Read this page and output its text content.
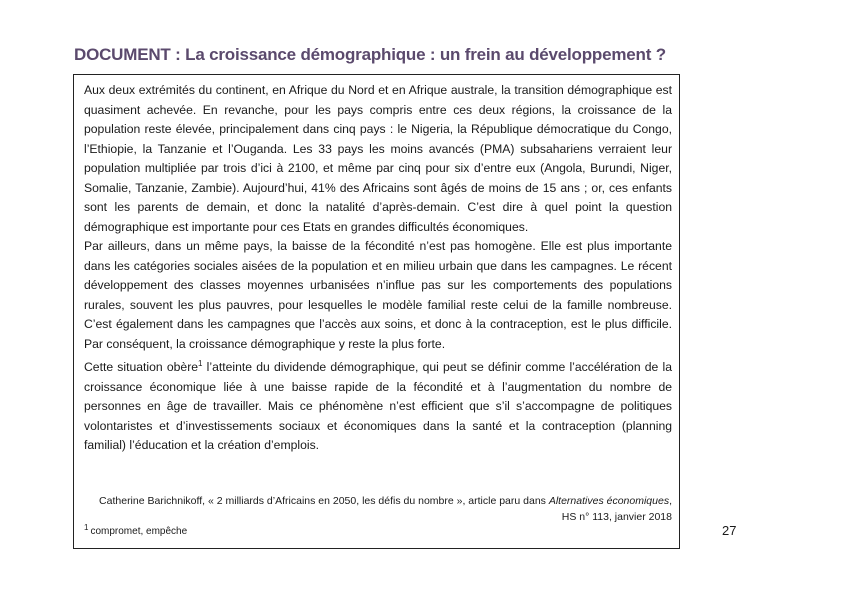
DOCUMENT : La croissance démographique : un frein au développement ?

Aux deux extrémités du continent, en Afrique du Nord et en Afrique australe, la transition démographique est quasiment achevée. En revanche, pour les pays compris entre ces deux régions, la croissance de la population reste élevée, principalement dans cinq pays : le Nigeria, la République démocratique du Congo, l’Ethiopie, la Tanzanie et l’Ouganda. Les 33 pays les moins avancés (PMA) subsahariens verraient leur population multipliée par trois d’ici à 2100, et même par cinq pour six d’entre eux (Angola, Burundi, Niger, Somalie, Tanzanie, Zambie). Aujourd’hui, 41% des Africains sont âgés de moins de 15 ans ; or, ces enfants sont les parents de demain, et donc la natalité d’après-demain. C’est dire à quel point la question démographique est importante pour ces Etats en grandes difficultés économiques.

Par ailleurs, dans un même pays, la baisse de la fécondité n’est pas homogène. Elle est plus importante dans les catégories sociales aisées de la population et en milieu urbain que dans les campagnes. Le récent développement des classes moyennes urbanisées n’influe pas sur les comportements des populations rurales, souvent les plus pauvres, pour lesquelles le modèle familial reste celui de la famille nombreuse. C’est également dans les campagnes que l’accès aux soins, et donc à la contraception, est le plus difficile. Par conséquent, la croissance démographique y reste la plus forte.

Cette situation obère$^1$ l’atteinte du dividende démographique, qui peut se définir comme l’accélération de la croissance économique liée à une baisse rapide de la fécondité et à l’augmentation du nombre de personnes en âge de travailler. Mais ce phénomène n’est efficient que s’il s’accompagne de politiques volontaristes et d’investissements sociaux et économiques dans la santé et la contraception (planning familial) l’éducation et la création d’emplois.

Catherine Barichnikoff, « 2 milliards d’Africains en 2050, les défis du nombre », article paru dans Alternatives économiques, HS n° 113, janvier 2018
$^1$ compromet, empêche	27
